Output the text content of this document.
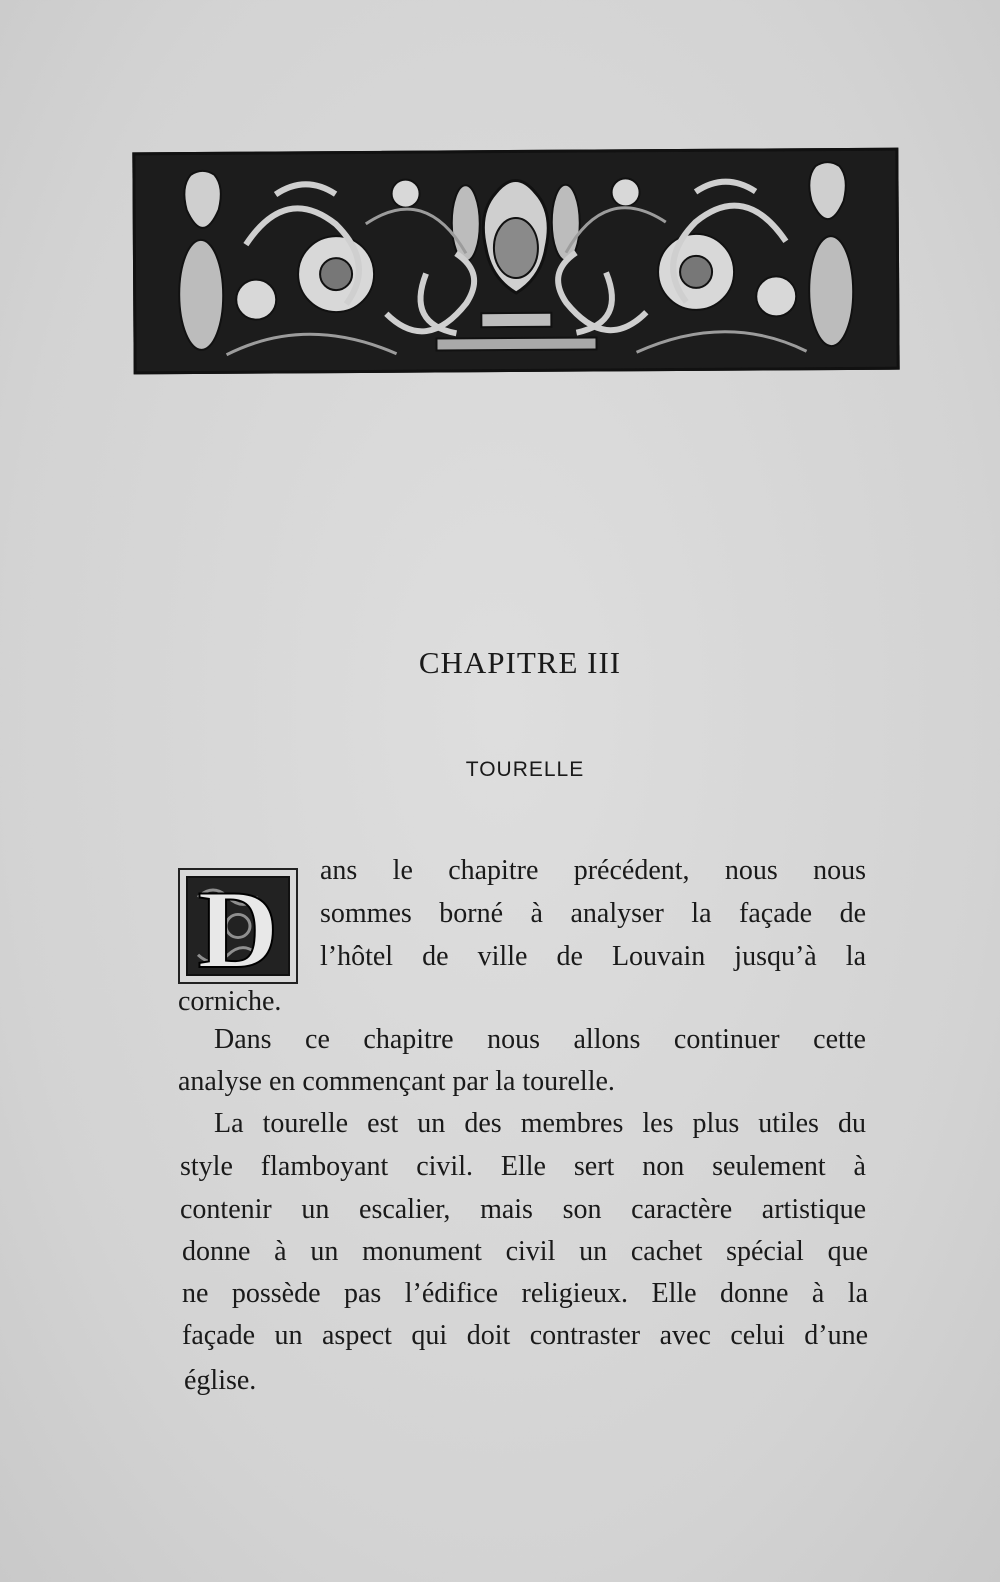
CHAPITRE III
TOURELLE
D	ans le chapitre précédent, nous nous
sommes borné à analyser la façade de
l’hôtel de ville de Louvain jusqu’à la
corniche.
Dans ce chapitre nous allons continuer cette
analyse en commençant par la tourelle.
La tourelle est un des membres les plus utiles du
style flamboyant civil. Elle sert non seulement à
contenir un escalier, mais son caractère artistique
donne à un monument civil un cachet spécial que
ne possède pas l’édifice religieux. Elle donne à la
façade un aspect qui doit contraster avec celui d’une
église.
